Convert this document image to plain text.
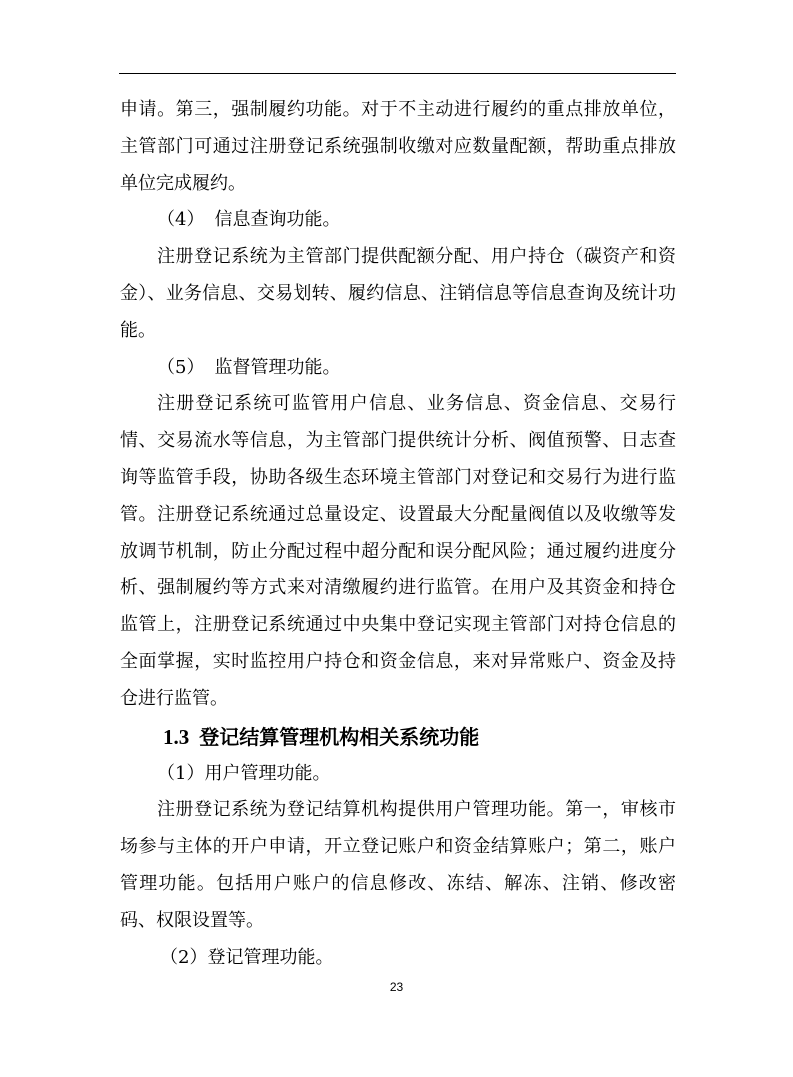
申请。第三，强制履约功能。对于不主动进行履约的重点排放单位，主管部门可通过注册登记系统强制收缴对应数量配额，帮助重点排放单位完成履约。

（4） 信息查询功能。

注册登记系统为主管部门提供配额分配、用户持仓（碳资产和资金）、业务信息、交易划转、履约信息、注销信息等信息查询及统计功能。

（5） 监督管理功能。

注册登记系统可监管用户信息、业务信息、资金信息、交易行情、交易流水等信息，为主管部门提供统计分析、阀值预警、日志查询等监管手段，协助各级生态环境主管部门对登记和交易行为进行监管。注册登记系统通过总量设定、设置最大分配量阀值以及收缴等发放调节机制，防止分配过程中超分配和误分配风险；通过履约进度分析、强制履约等方式来对清缴履约进行监管。在用户及其资金和持仓监管上，注册登记系统通过中央集中登记实现主管部门对持仓信息的全面掌握，实时监控用户持仓和资金信息，来对异常账户、资金及持仓进行监管。

1.3 登记结算管理机构相关系统功能

（1）用户管理功能。

注册登记系统为登记结算机构提供用户管理功能。第一，审核市场参与主体的开户申请，开立登记账户和资金结算账户；第二，账户管理功能。包括用户账户的信息修改、冻结、解冻、注销、修改密码、权限设置等。

（2）登记管理功能。

23
